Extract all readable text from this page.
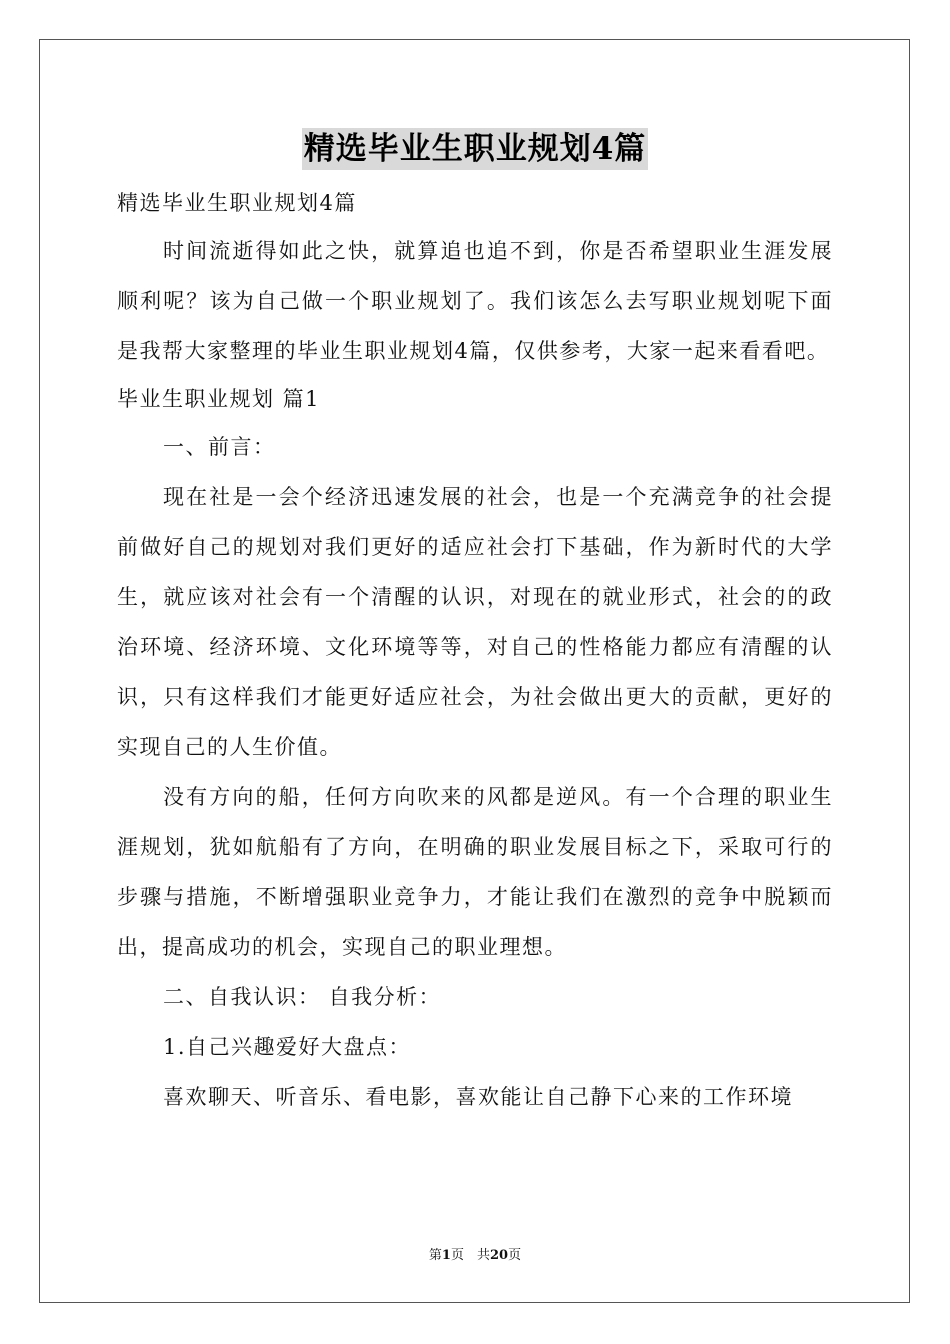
精选毕业生职业规划4篇

精选毕业生职业规划4篇

时间流逝得如此之快，就算追也追不到，你是否希望职业生涯发展顺利呢？该为自己做一个职业规划了。我们该怎么去写职业规划呢下面是我帮大家整理的毕业生职业规划4篇，仅供参考，大家一起来看看吧。

毕业生职业规划 篇1

一、前言：

现在社是一会个经济迅速发展的社会，也是一个充满竞争的社会提前做好自己的规划对我们更好的适应社会打下基础，作为新时代的大学生，就应该对社会有一个清醒的认识，对现在的就业形式，社会的的政治环境、经济环境、文化环境等等，对自己的性格能力都应有清醒的认识，只有这样我们才能更好适应社会，为社会做出更大的贡献，更好的实现自己的人生价值。

没有方向的船，任何方向吹来的风都是逆风。有一个合理的职业生涯规划，犹如航船有了方向，在明确的职业发展目标之下，采取可行的步骤与措施，不断增强职业竞争力，才能让我们在激烈的竞争中脱颖而出，提高成功的机会，实现自己的职业理想。

二、自我认识： 自我分析：

1.自己兴趣爱好大盘点：

喜欢聊天、听音乐、看电影，喜欢能让自己静下心来的工作环境

第1页　共20页
